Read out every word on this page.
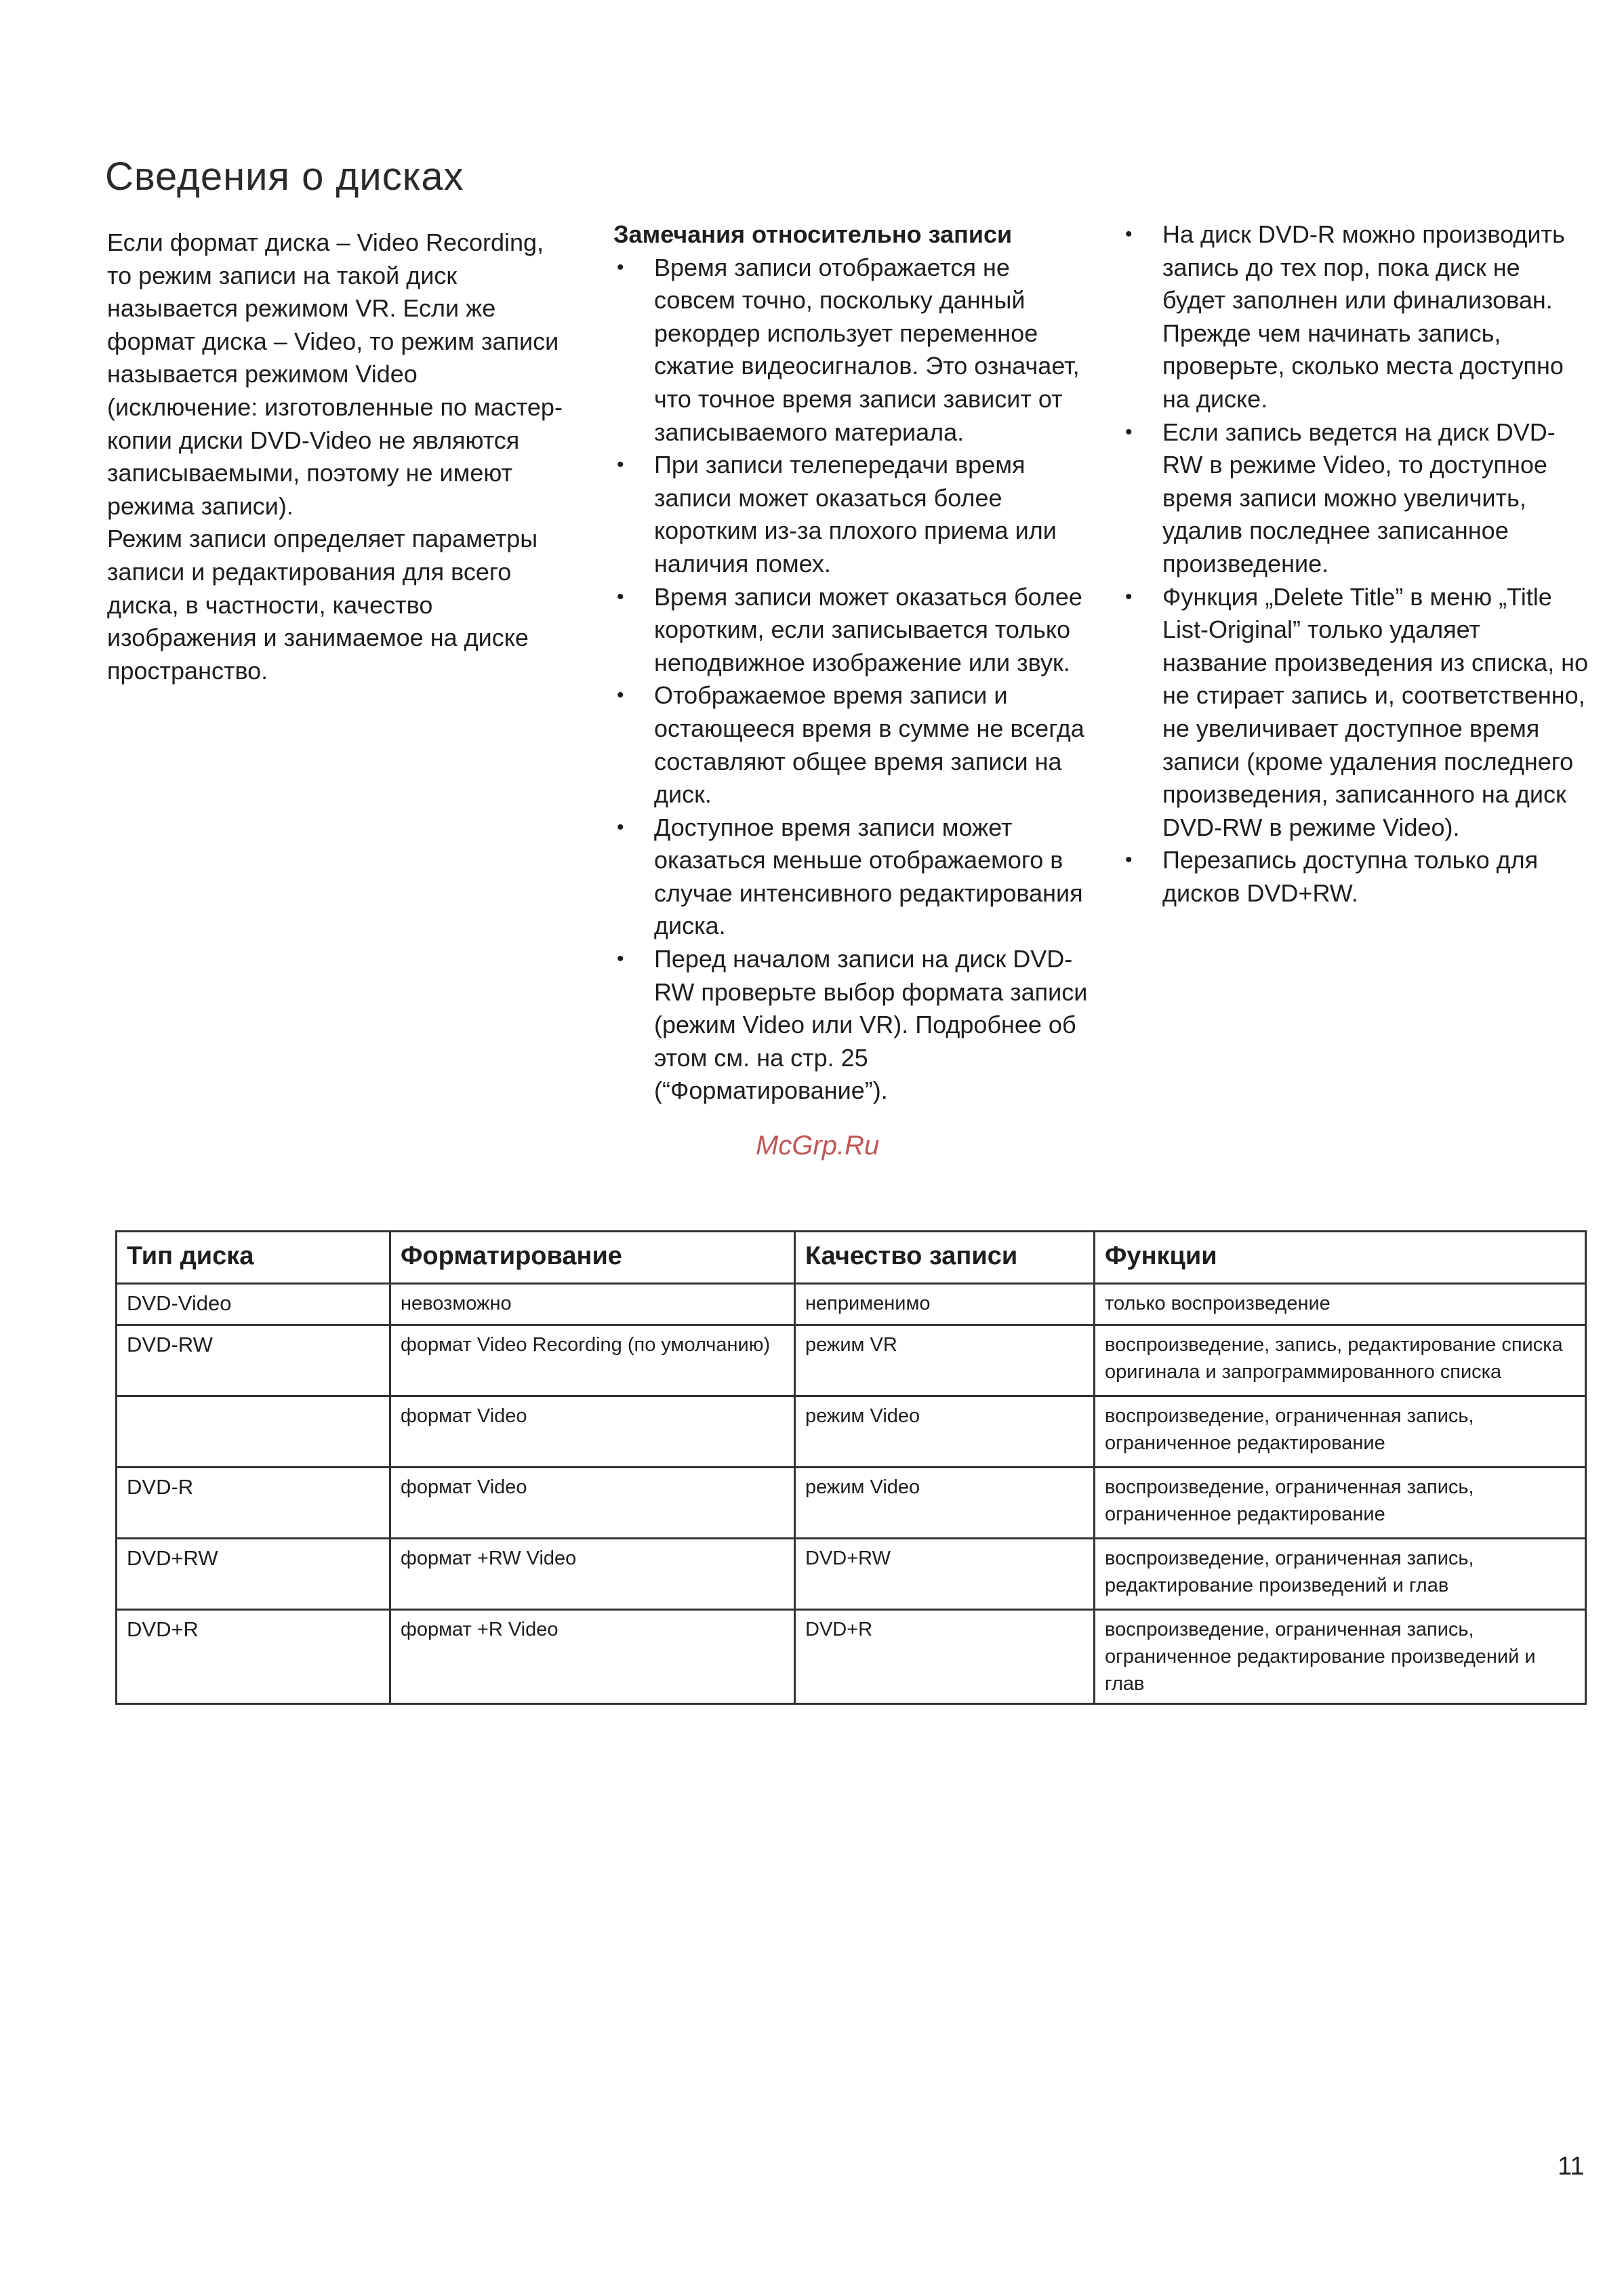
Сведения о дисках

Если формат диска – Video Recording, то режим записи на такой диск называется режимом VR. Если же формат диска – Video, то режим записи называется режимом Video (исключение: изготовленные по мастер-копии диски DVD-Video не являются записываемыми, поэтому не имеют режима записи).

Режим записи определяет параметры записи и редактирования для всего диска, в частности, качество изображения и занимаемое на диске пространство.

Замечания относительно записи

• Время записи отображается не совсем точно, поскольку данный рекордер использует переменное сжатие видеосигналов. Это означает, что точное время записи зависит от записываемого материала.
• При записи телепередачи время записи может оказаться более коротким из-за плохого приема или наличия помех.
• Время записи может оказаться более коротким, если записывается только неподвижное изображение или звук.
• Отображаемое время записи и остающееся время в сумме не всегда составляют общее время записи на диск.
• Доступное время записи может оказаться меньше отображаемого в случае интенсивного редактирования диска.
• Перед началом записи на диск DVD-RW проверьте выбор формата записи (режим Video или VR). Подробнее об этом см. на стр. 25 (“Форматирование”).
• На диск DVD-R можно производить запись до тех пор, пока диск не будет заполнен или финализован. Прежде чем начинать запись, проверьте, сколько места доступно на диске.
• Если запись ведется на диск DVD-RW в режиме Video, то доступное время записи можно увеличить, удалив последнее записанное произведение.
• Функция „Delete Title” в меню „Title List-Original” только удаляет название произведения из списка, но не стирает запись и, соответственно, не увеличивает доступное время записи (кроме удаления последнего произведения, записанного на диск DVD-RW в режиме Video).
• Перезапись доступна только для дисков DVD+RW.
McGrp.Ru
Тип диска	Форматирование	Качество записи	Функции
DVD-Video	невозможно	неприменимо	только воспроизведение
DVD-RW	формат Video Recording (по умолчанию)	режим VR	воспроизведение, запись, редактирование списка оригинала и запрограммированного списка
	формат Video	режим Video	воспроизведение, ограниченная запись, ограниченное редактирование
DVD-R	формат Video	режим Video	воспроизведение, ограниченная запись, ограниченное редактирование
DVD+RW	формат +RW Video	DVD+RW	воспроизведение, ограниченная запись, редактирование произведений и глав
DVD+R	формат +R Video	DVD+R	воспроизведение, ограниченная запись, ограниченное редактирование произведений и глав
11
